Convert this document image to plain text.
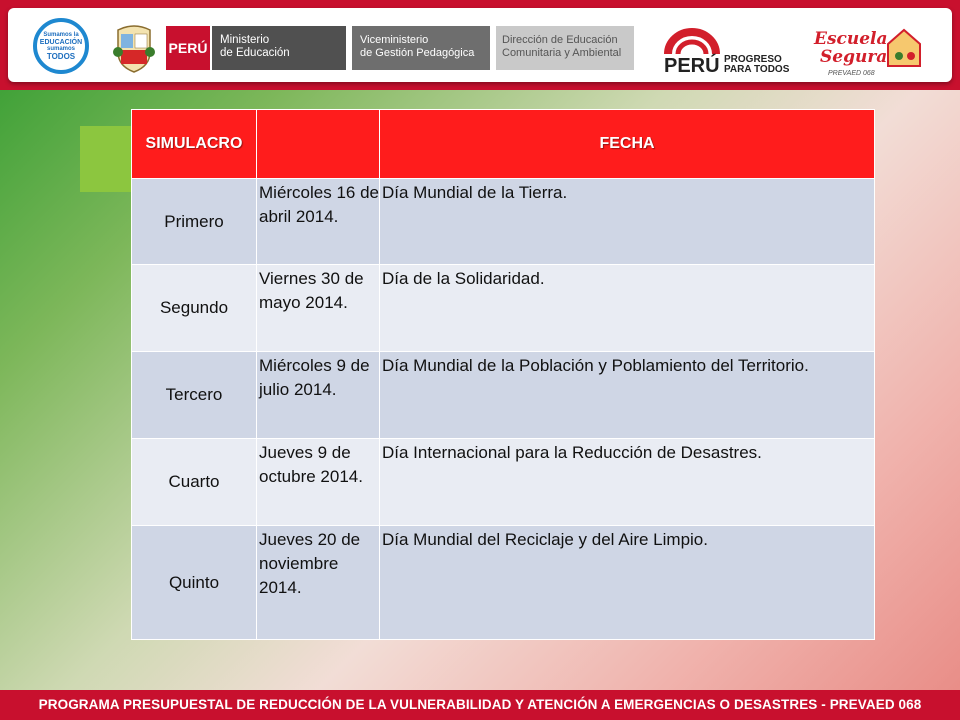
Sumamos la
EDUCACIÓN
sumamos
TODOS
PERÚ Ministerio
de Educación
Viceministerio
de Gestión Pedagógica
Dirección de Educación
Comunitaria y Ambiental
PERÚ PROGRESO
PARA TODOS
Escuela
Segura
PREVAED 068
SIMULACRO		FECHA
Primero	Miércoles 16 de abril 2014.	Día Mundial de la Tierra.
Segundo	Viernes 30 de mayo 2014.	Día de la Solidaridad.
Tercero	Miércoles 9 de julio 2014.	Día Mundial de la Población y Poblamiento del Territorio.
Cuarto	Jueves 9 de octubre 2014.	Día Internacional para la Reducción de Desastres.
Quinto	Jueves 20 de noviembre 2014.	Día Mundial del Reciclaje y del Aire Limpio.
PROGRAMA PRESUPUESTAL DE REDUCCIÓN DE LA VULNERABILIDAD Y ATENCIÓN A EMERGENCIAS O DESASTRES - PREVAED 068
